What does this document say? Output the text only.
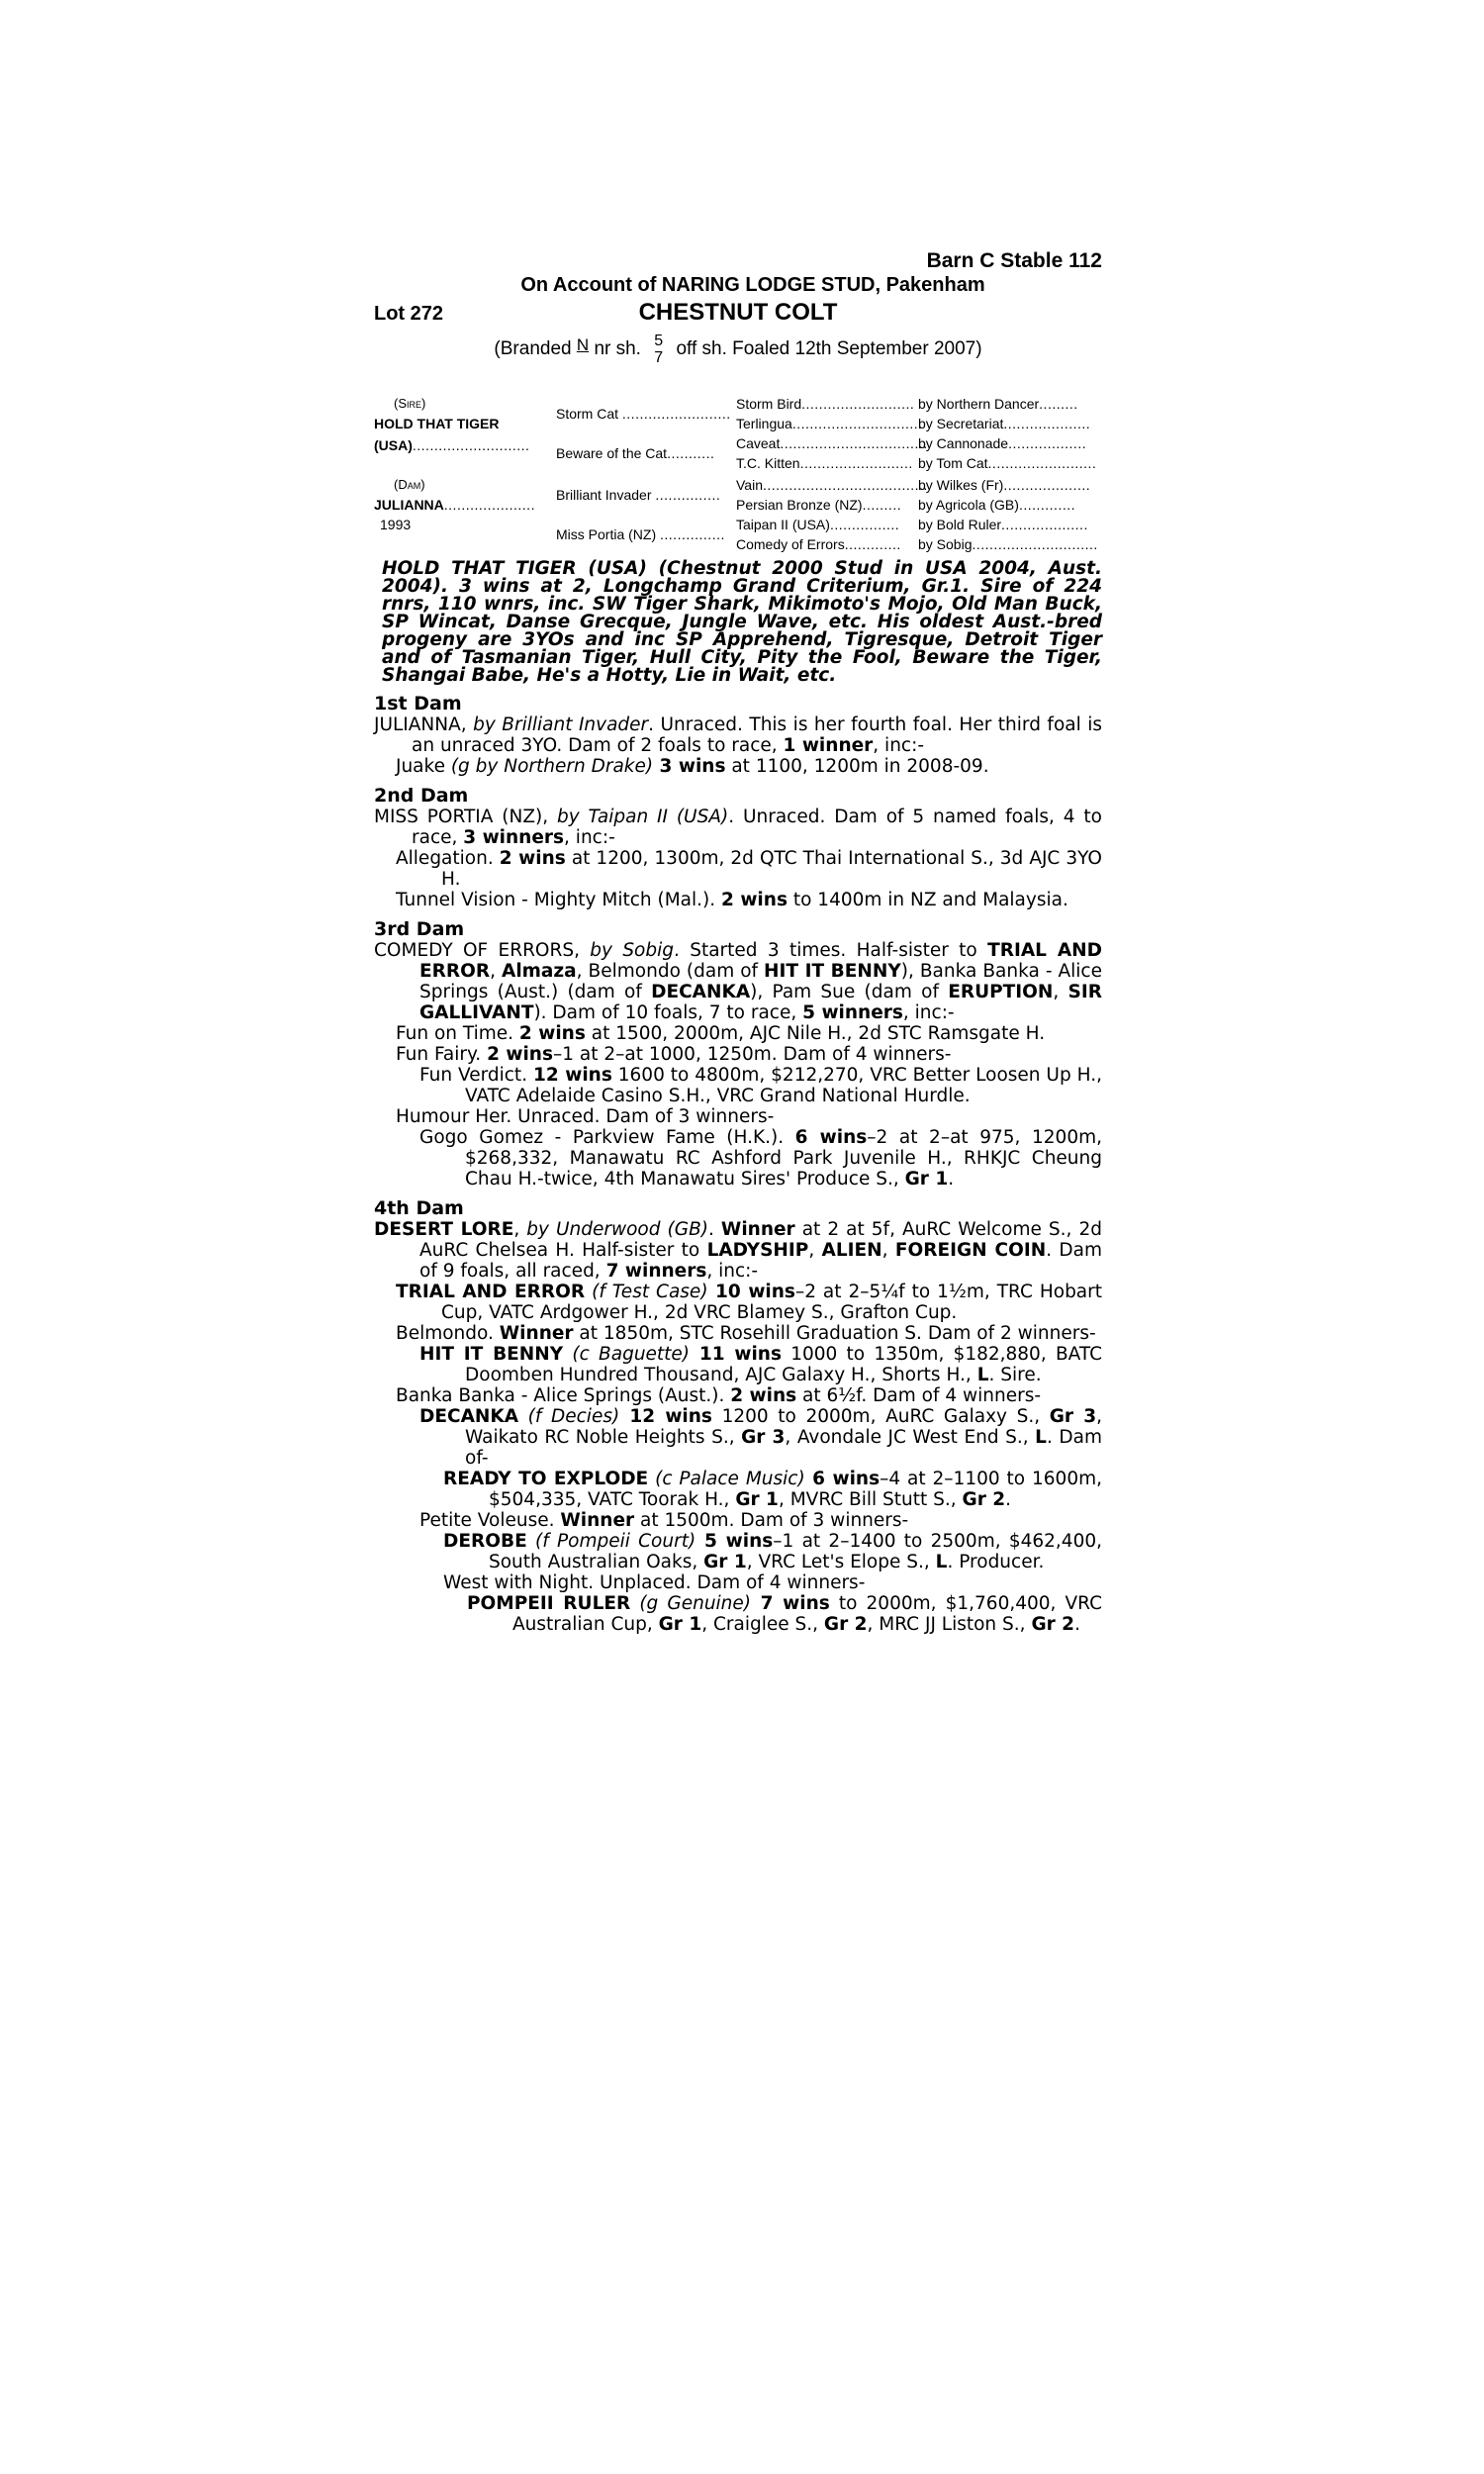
Barn C Stable 112
On Account of NARING LODGE STUD, Pakenham
Lot 272	CHESTNUT COLT
(Branded N nr sh. 5
7 off sh. Foaled 12th September 2007)
(Sire)
HOLD THAT TIGER
(USA)...........................
(Dam)
JULIANNA.....................
1993
Storm Cat .........................
Beware of the Cat...........
Brilliant Invader ...............
Miss Portia (NZ) ...............
Storm Bird..........................
Terlingua..............................
Caveat..................................
T.C. Kitten..........................
Vain......................................
Persian Bronze (NZ).........
Taipan II (USA)................
Comedy of Errors.............
by Northern Dancer.........
by Secretariat....................
by Cannonade..................
by Tom Cat.........................
by Wilkes (Fr)....................
by Agricola (GB).............
by Bold Ruler....................
by Sobig.............................
HOLD THAT TIGER (USA) (Chestnut 2000 Stud in USA 2004, Aust. 2004). 3 wins at 2, Longchamp Grand Criterium, Gr.1. Sire of 224 rnrs, 110 wnrs, inc. SW Tiger Shark, Mikimoto's Mojo, Old Man Buck, SP Wincat, Danse Grecque, Jungle Wave, etc. His oldest Aust.-bred progeny are 3YOs and inc SP Apprehend, Tigresque, Detroit Tiger and of Tasmanian Tiger, Hull City, Pity the Fool, Beware the Tiger, Shangai Babe, He's a Hotty, Lie in Wait, etc.
1st Dam
JULIANNA, by Brilliant Invader. Unraced. This is her fourth foal. Her third foal is an unraced 3YO. Dam of 2 foals to race, 1 winner, inc:-
Juake (g by Northern Drake) 3 wins at 1100, 1200m in 2008-09.
2nd Dam
MISS PORTIA (NZ), by Taipan II (USA). Unraced. Dam of 5 named foals, 4 to race, 3 winners, inc:-
Allegation. 2 wins at 1200, 1300m, 2d QTC Thai International S., 3d AJC 3YO H.
Tunnel Vision - Mighty Mitch (Mal.). 2 wins to 1400m in NZ and Malaysia.
3rd Dam
COMEDY OF ERRORS, by Sobig. Started 3 times. Half-sister to TRIAL AND ERROR, Almaza, Belmondo (dam of HIT IT BENNY), Banka Banka - Alice Springs (Aust.) (dam of DECANKA), Pam Sue (dam of ERUPTION, SIR GALLIVANT). Dam of 10 foals, 7 to race, 5 winners, inc:-
Fun on Time. 2 wins at 1500, 2000m, AJC Nile H., 2d STC Ramsgate H.
Fun Fairy. 2 wins–1 at 2–at 1000, 1250m. Dam of 4 winners-
Fun Verdict. 12 wins 1600 to 4800m, $212,270, VRC Better Loosen Up H., VATC Adelaide Casino S.H., VRC Grand National Hurdle.
Humour Her. Unraced. Dam of 3 winners-
Gogo Gomez - Parkview Fame (H.K.). 6 wins–2 at 2–at 975, 1200m, $268,332, Manawatu RC Ashford Park Juvenile H., RHKJC Cheung Chau H.-twice, 4th Manawatu Sires' Produce S., Gr 1.
4th Dam
DESERT LORE, by Underwood (GB). Winner at 2 at 5f, AuRC Welcome S., 2d AuRC Chelsea H. Half-sister to LADYSHIP, ALIEN, FOREIGN COIN. Dam of 9 foals, all raced, 7 winners, inc:-
TRIAL AND ERROR (f Test Case) 10 wins–2 at 2–5¼f to 1½m, TRC Hobart Cup, VATC Ardgower H., 2d VRC Blamey S., Grafton Cup.
Belmondo. Winner at 1850m, STC Rosehill Graduation S. Dam of 2 winners-
HIT IT BENNY (c Baguette) 11 wins 1000 to 1350m, $182,880, BATC Doomben Hundred Thousand, AJC Galaxy H., Shorts H., L. Sire.
Banka Banka - Alice Springs (Aust.). 2 wins at 6½f. Dam of 4 winners-
DECANKA (f Decies) 12 wins 1200 to 2000m, AuRC Galaxy S., Gr 3, Waikato RC Noble Heights S., Gr 3, Avondale JC West End S., L. Dam of-
READY TO EXPLODE (c Palace Music) 6 wins–4 at 2–1100 to 1600m, $504,335, VATC Toorak H., Gr 1, MVRC Bill Stutt S., Gr 2.
Petite Voleuse. Winner at 1500m. Dam of 3 winners-
DEROBE (f Pompeii Court) 5 wins–1 at 2–1400 to 2500m, $462,400, South Australian Oaks, Gr 1, VRC Let's Elope S., L. Producer.
West with Night. Unplaced. Dam of 4 winners-
POMPEII RULER (g Genuine) 7 wins to 2000m, $1,760,400, VRC Australian Cup, Gr 1, Craiglee S., Gr 2, MRC JJ Liston S., Gr 2.
